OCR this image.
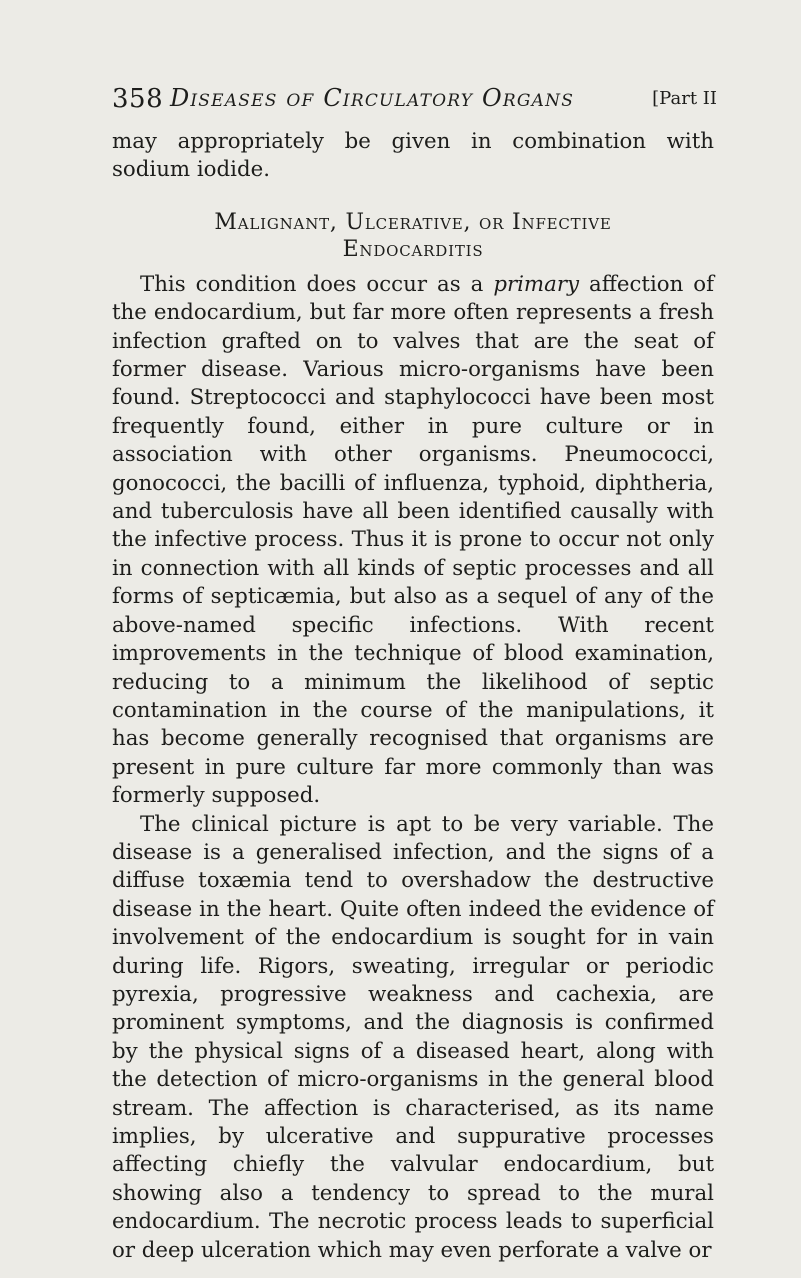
358 Diseases of Circulatory Organs	[Part II

may appropriately be given in combination with sodium iodide.

Malignant, Ulcerative, or Infective
Endocarditis

This condition does occur as a primary affection of the endocardium, but far more often represents a fresh infection grafted on to valves that are the seat of former disease. Various micro-organisms have been found. Streptococci and staphylococci have been most frequently found, either in pure culture or in association with other organisms. Pneumococci, gonococci, the bacilli of influenza, typhoid, diphtheria, and tuberculosis have all been identified causally with the infective process. Thus it is prone to occur not only in connection with all kinds of septic processes and all forms of septicæmia, but also as a sequel of any of the above-named specific infections. With recent improvements in the technique of blood examination, reducing to a minimum the likelihood of septic contamination in the course of the manipulations, it has become generally recognised that organisms are present in pure culture far more commonly than was formerly supposed.

The clinical picture is apt to be very variable. The disease is a generalised infection, and the signs of a diffuse toxæmia tend to overshadow the destructive disease in the heart. Quite often indeed the evidence of involvement of the endocardium is sought for in vain during life. Rigors, sweating, irregular or periodic pyrexia, progressive weakness and cachexia, are prominent symptoms, and the diagnosis is confirmed by the physical signs of a diseased heart, along with the detection of micro-organisms in the general blood stream. The affection is characterised, as its name implies, by ulcerative and suppurative processes affecting chiefly the valvular endocardium, but showing also a tendency to spread to the mural endocardium. The necrotic process leads to superficial or deep ulceration which may even perforate a valve or
